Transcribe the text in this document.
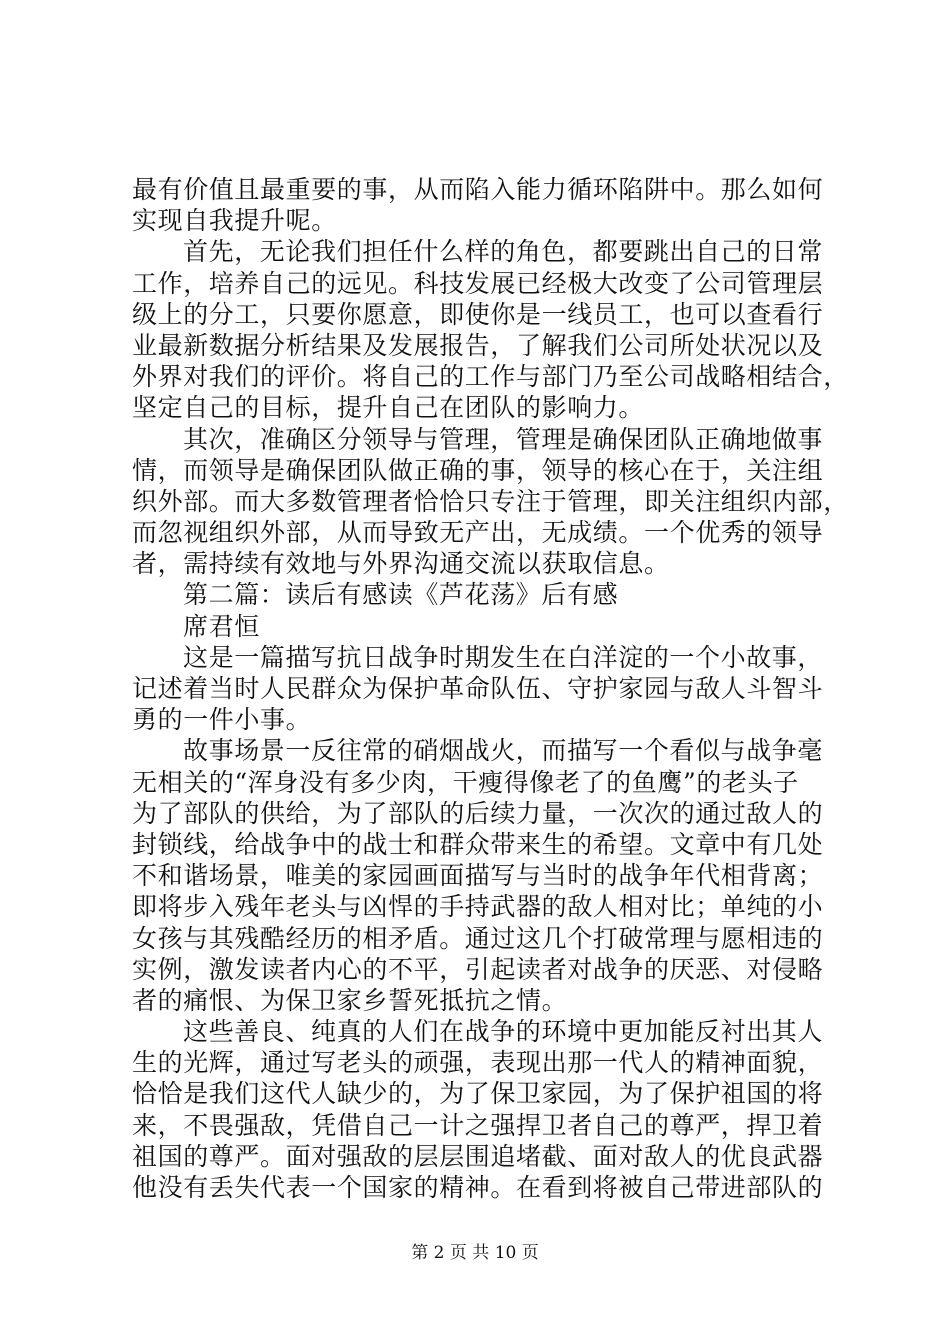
最有价值且最重要的事，从而陷入能力循环陷阱中。那么如何
实现自我提升呢。
首先，无论我们担任什么样的角色，都要跳出自己的日常
工作，培养自己的远见。科技发展已经极大改变了公司管理层
级上的分工，只要你愿意，即使你是一线员工，也可以查看行
业最新数据分析结果及发展报告，了解我们公司所处状况以及
外界对我们的评价。将自己的工作与部门乃至公司战略相结合，
坚定自己的目标，提升自己在团队的影响力。
其次，准确区分领导与管理，管理是确保团队正确地做事
情，而领导是确保团队做正确的事，领导的核心在于，关注组
织外部。而大多数管理者恰恰只专注于管理，即关注组织内部，
而忽视组织外部，从而导致无产出，无成绩。一个优秀的领导
者，需持续有效地与外界沟通交流以获取信息。
第二篇：读后有感读《芦花荡》后有感
席君恒
这是一篇描写抗日战争时期发生在白洋淀的一个小故事，
记述着当时人民群众为保护革命队伍、守护家园与敌人斗智斗
勇的一件小事。
故事场景一反往常的硝烟战火，而描写一个看似与战争毫
无相关的“浑身没有多少肉，干瘦得像老了的鱼鹰”的老头子
为了部队的供给，为了部队的后续力量，一次次的通过敌人的
封锁线，给战争中的战士和群众带来生的希望。文章中有几处
不和谐场景，唯美的家园画面描写与当时的战争年代相背离；
即将步入残年老头与凶悍的手持武器的敌人相对比；单纯的小
女孩与其残酷经历的相矛盾。通过这几个打破常理与愿相违的
实例，激发读者内心的不平，引起读者对战争的厌恶、对侵略
者的痛恨、为保卫家乡誓死抵抗之情。
这些善良、纯真的人们在战争的环境中更加能反衬出其人
生的光辉，通过写老头的顽强，表现出那一代人的精神面貌，
恰恰是我们这代人缺少的，为了保卫家园，为了保护祖国的将
来，不畏强敌，凭借自己一计之强捍卫者自己的尊严，捍卫着
祖国的尊严。面对强敌的层层围追堵截、面对敌人的优良武器
他没有丢失代表一个国家的精神。在看到将被自己带进部队的
第 2 页 共 10 页
